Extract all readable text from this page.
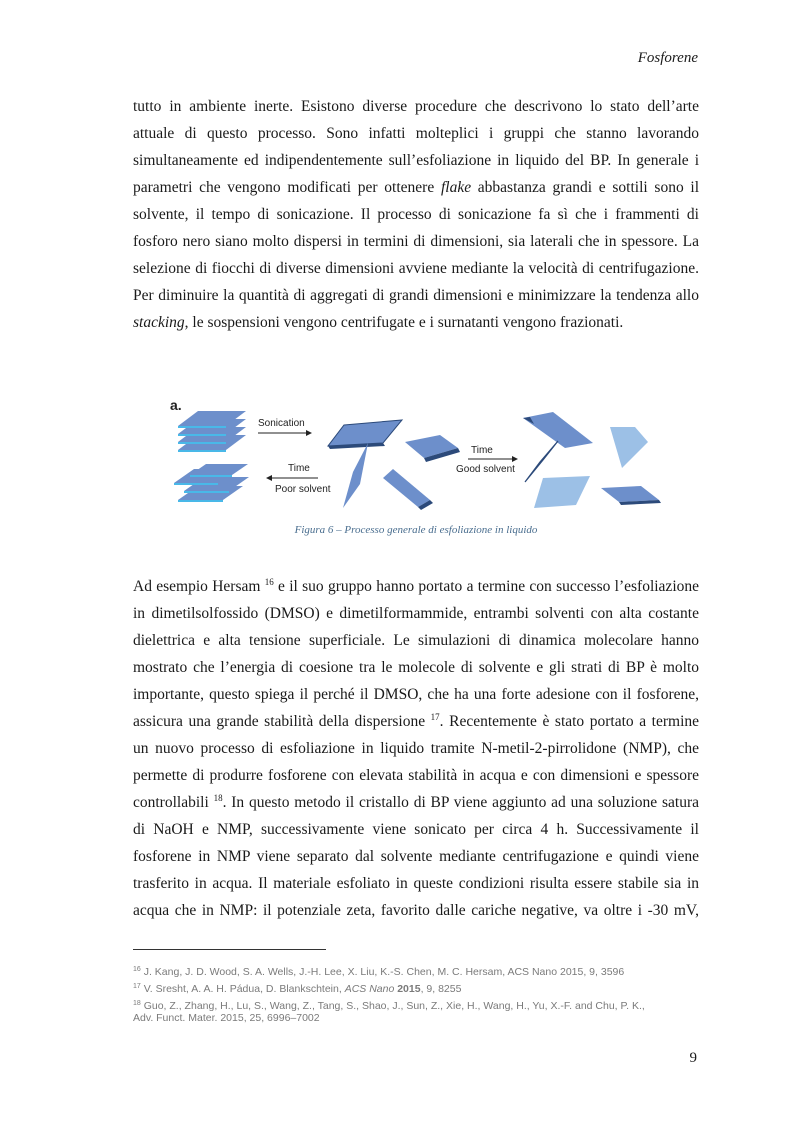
Fosforene
tutto in ambiente inerte. Esistono diverse procedure che descrivono lo stato dell’arte
attuale di questo processo. Sono infatti molteplici i gruppi che stanno lavorando
simultaneamente ed indipendentemente sull’esfoliazione in liquido del BP. In generale i
parametri che vengono modificati per ottenere flake abbastanza grandi e sottili sono il
solvente, il tempo di sonicazione. Il processo di sonicazione fa sì che i frammenti di
fosforo nero siano molto dispersi in termini di dimensioni, sia laterali che in spessore. La
selezione di fiocchi di diverse dimensioni avviene mediante la velocità di centrifugazione.
Per diminuire la quantità di aggregati di grandi dimensioni e minimizzare la tendenza allo
stacking, le sospensioni vengono centrifugate e i surnatanti vengono frazionati.
a.
Sonication
Time
Good solvent
Time
Poor solvent
Figura 6 – Processo generale di esfoliazione in liquido
Ad esempio Hersam $^{16}$ e il suo gruppo hanno portato a termine con successo l’esfoliazione
in dimetilsolfossido (DMSO) e dimetilformammide, entrambi solventi con alta costante
dielettrica e alta tensione superficiale. Le simulazioni di dinamica molecolare hanno
mostrato che l’energia di coesione tra le molecole di solvente e gli strati di BP è molto
importante, questo spiega il perché il DMSO, che ha una forte adesione con il fosforene,
assicura una grande stabilità della dispersione $^{17}$. Recentemente è stato portato a termine
un nuovo processo di esfoliazione in liquido tramite N-metil-2-pirrolidone (NMP), che
permette di produrre fosforene con elevata stabilità in acqua e con dimensioni e spessore
controllabili $^{18}$. In questo metodo il cristallo di BP viene aggiunto ad una soluzione satura
di NaOH e NMP, successivamente viene sonicato per circa 4 h. Successivamente il
fosforene in NMP viene separato dal solvente mediante centrifugazione e quindi viene
trasferito in acqua. Il materiale esfoliato in queste condizioni risulta essere stabile sia in
acqua che in NMP: il potenziale zeta, favorito dalle cariche negative, va oltre i -30 mV,
$^{16}$ J. Kang, J. D. Wood, S. A. Wells, J.-H. Lee, X. Liu, K.-S. Chen, M. C. Hersam, ACS Nano 2015, 9, 3596
$^{17}$ V. Sresht, A. A. H. Pádua, D. Blankschtein, ACS Nano 2015, 9, 8255
$^{18}$ Guo, Z., Zhang, H., Lu, S., Wang, Z., Tang, S., Shao, J., Sun, Z., Xie, H., Wang, H., Yu, X.-F. and Chu, P. K.,
Adv. Funct. Mater. 2015, 25, 6996–7002
9
